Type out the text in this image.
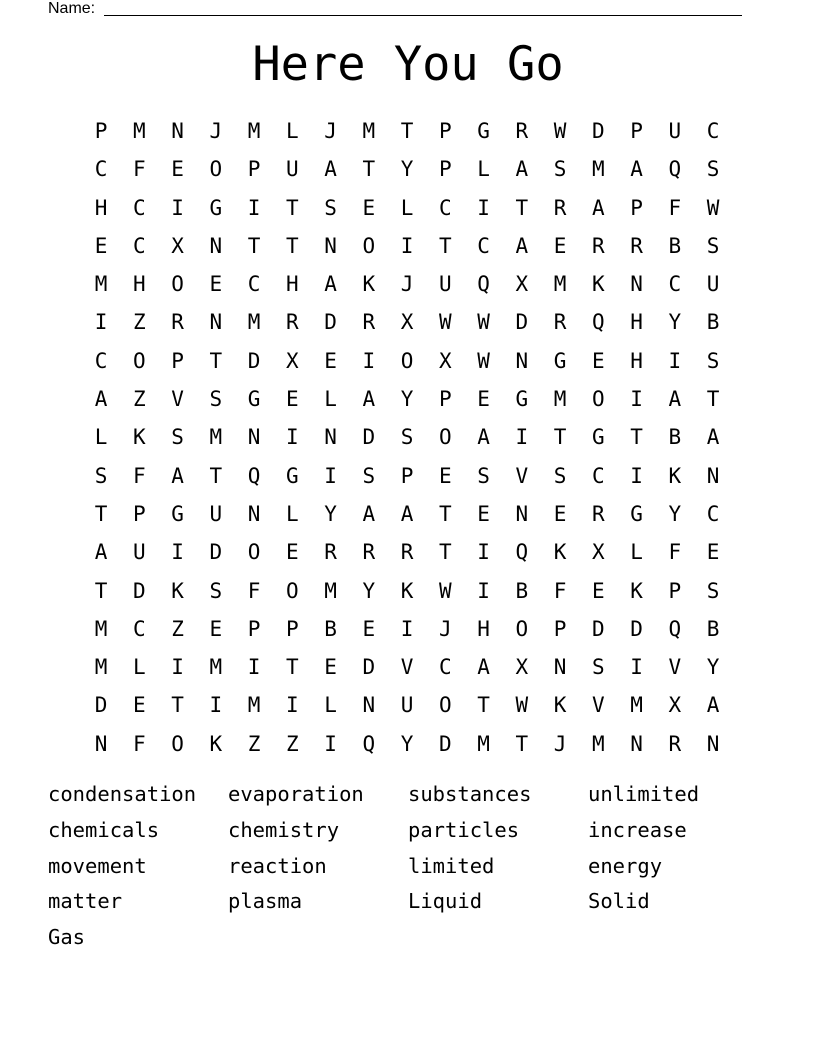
Name:
Here You Go
P	M	N	J	M	L	J	M	T	P	G	R	W	D	P	U	C
C	F	E	O	P	U	A	T	Y	P	L	A	S	M	A	Q	S
H	C	I	G	I	T	S	E	L	C	I	T	R	A	P	F	W
E	C	X	N	T	T	N	O	I	T	C	A	E	R	R	B	S
M	H	O	E	C	H	A	K	J	U	Q	X	M	K	N	C	U
I	Z	R	N	M	R	D	R	X	W	W	D	R	Q	H	Y	B
C	O	P	T	D	X	E	I	O	X	W	N	G	E	H	I	S
A	Z	V	S	G	E	L	A	Y	P	E	G	M	O	I	A	T
L	K	S	M	N	I	N	D	S	O	A	I	T	G	T	B	A
S	F	A	T	Q	G	I	S	P	E	S	V	S	C	I	K	N
T	P	G	U	N	L	Y	A	A	T	E	N	E	R	G	Y	C
A	U	I	D	O	E	R	R	R	T	I	Q	K	X	L	F	E
T	D	K	S	F	O	M	Y	K	W	I	B	F	E	K	P	S
M	C	Z	E	P	P	B	E	I	J	H	O	P	D	D	Q	B
M	L	I	M	I	T	E	D	V	C	A	X	N	S	I	V	Y
D	E	T	I	M	I	L	N	U	O	T	W	K	V	M	X	A
N	F	O	K	Z	Z	I	Q	Y	D	M	T	J	M	N	R	N
condensation	evaporation	substances	unlimited
chemicals	chemistry	particles	increase
movement	reaction	limited	energy
matter	plasma	Liquid	Solid
Gas
